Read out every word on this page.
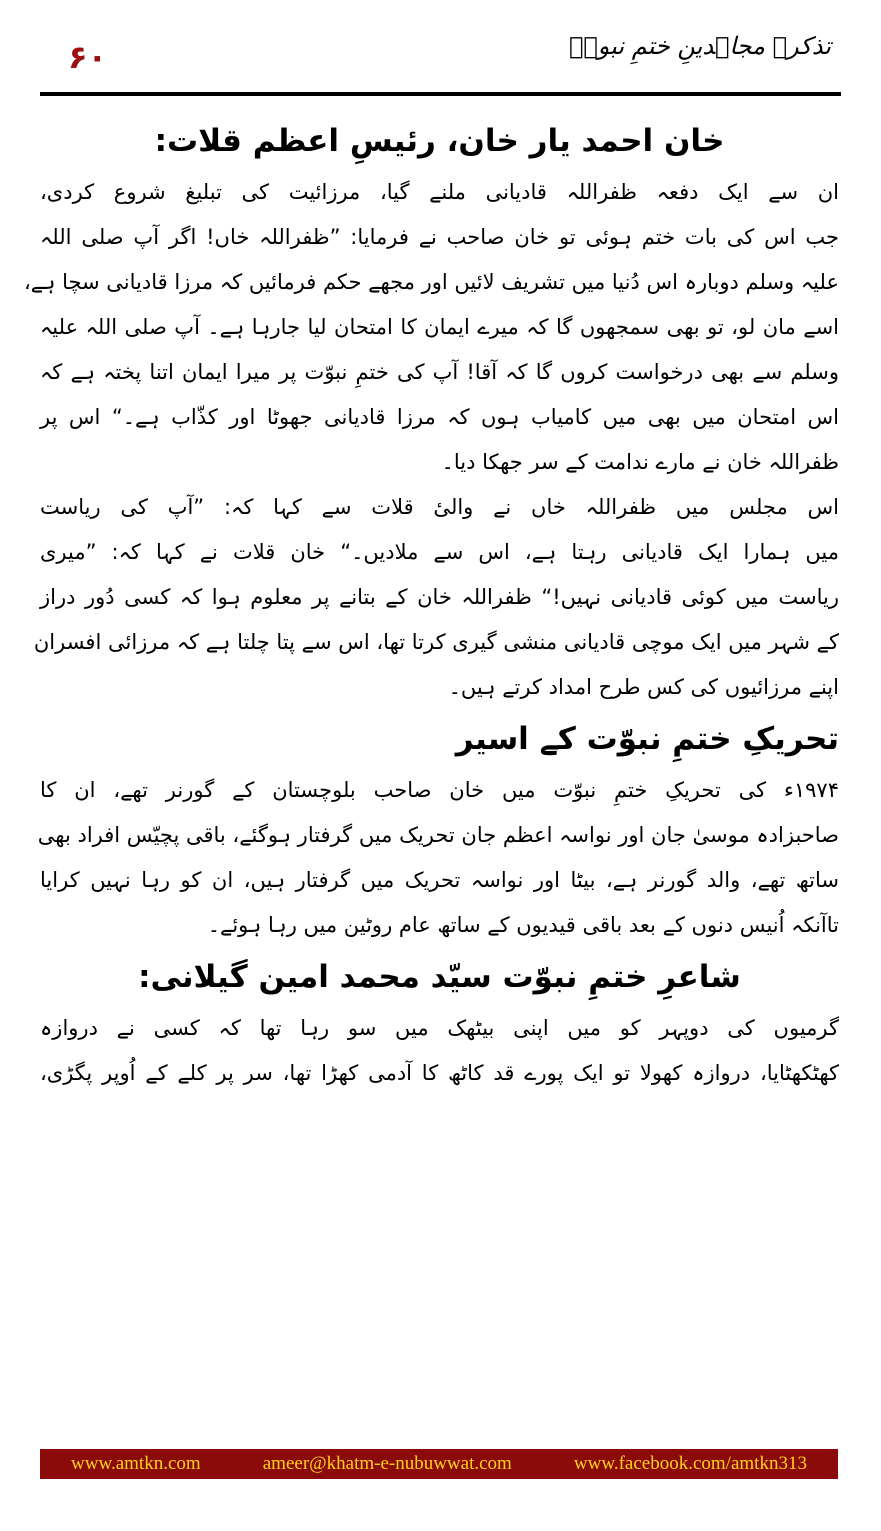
۶۰	تذکرہ مجاہدینِ ختمِ نبوتؐ
خان احمد یار خان، رئیسِ اعظم قلات:
ان سے ایک دفعہ ظفراللہ قادیانی ملنے گیا، مرزائیت کی تبلیغ شروع کردی،
جب اس کی بات ختم ہوئی تو خان صاحب نے فرمایا: ”ظفراللہ خاں! اگر آپ صلی اللہ
علیہ وسلم دوبارہ اس دُنیا میں تشریف لائیں اور مجھے حکم فرمائیں کہ مرزا قادیانی سچا ہے،
اسے مان لو، تو بھی سمجھوں گا کہ میرے ایمان کا امتحان لیا جارہا ہے۔ آپ صلی اللہ علیہ
وسلم سے بھی درخواست کروں گا کہ آقا! آپ کی ختمِ نبوّت پر میرا ایمان اتنا پختہ ہے کہ
اس امتحان میں بھی میں کامیاب ہوں کہ مرزا قادیانی جھوٹا اور کذّاب ہے۔“ اس پر
ظفراللہ خان نے مارے ندامت کے سر جھکا دیا۔
اس مجلس میں ظفراللہ خاں نے والیٔ قلات سے کہا کہ: ”آپ کی ریاست
میں ہمارا ایک قادیانی رہتا ہے، اس سے ملادیں۔“ خان قلات نے کہا کہ: ”میری
ریاست میں کوئی قادیانی نہیں!“ ظفراللہ خان کے بتانے پر معلوم ہوا کہ کسی دُور دراز
کے شہر میں ایک موچی قادیانی منشی گیری کرتا تھا، اس سے پتا چلتا ہے کہ مرزائی افسران
اپنے مرزائیوں کی کس طرح امداد کرتے ہیں۔
تحریکِ ختمِ نبوّت کے اسیر
۱۹۷۴ء کی تحریکِ ختمِ نبوّت میں خان صاحب بلوچستان کے گورنر تھے، ان کا
صاحبزادہ موسیٰ جان اور نواسہ اعظم جان تحریک میں گرفتار ہوگئے، باقی پچیّس افراد بھی
ساتھ تھے، والد گورنر ہے، بیٹا اور نواسہ تحریک میں گرفتار ہیں، ان کو رہا نہیں کرایا
تاآنکہ اُنیس دنوں کے بعد باقی قیدیوں کے ساتھ عام روٹین میں رہا ہوئے۔
شاعرِ ختمِ نبوّت سیّد محمد امین گیلانی:
گرمیوں کی دوپہر کو میں اپنی بیٹھک میں سو رہا تھا کہ کسی نے دروازہ
کھٹکھٹایا، دروازہ کھولا تو ایک پورے قد کاٹھ کا آدمی کھڑا تھا، سر پر کلے کے اُوپر پگڑی،
www.amtkn.com	ameer@khatm-e-nubuwwat.com	www.facebook.com/amtkn313
